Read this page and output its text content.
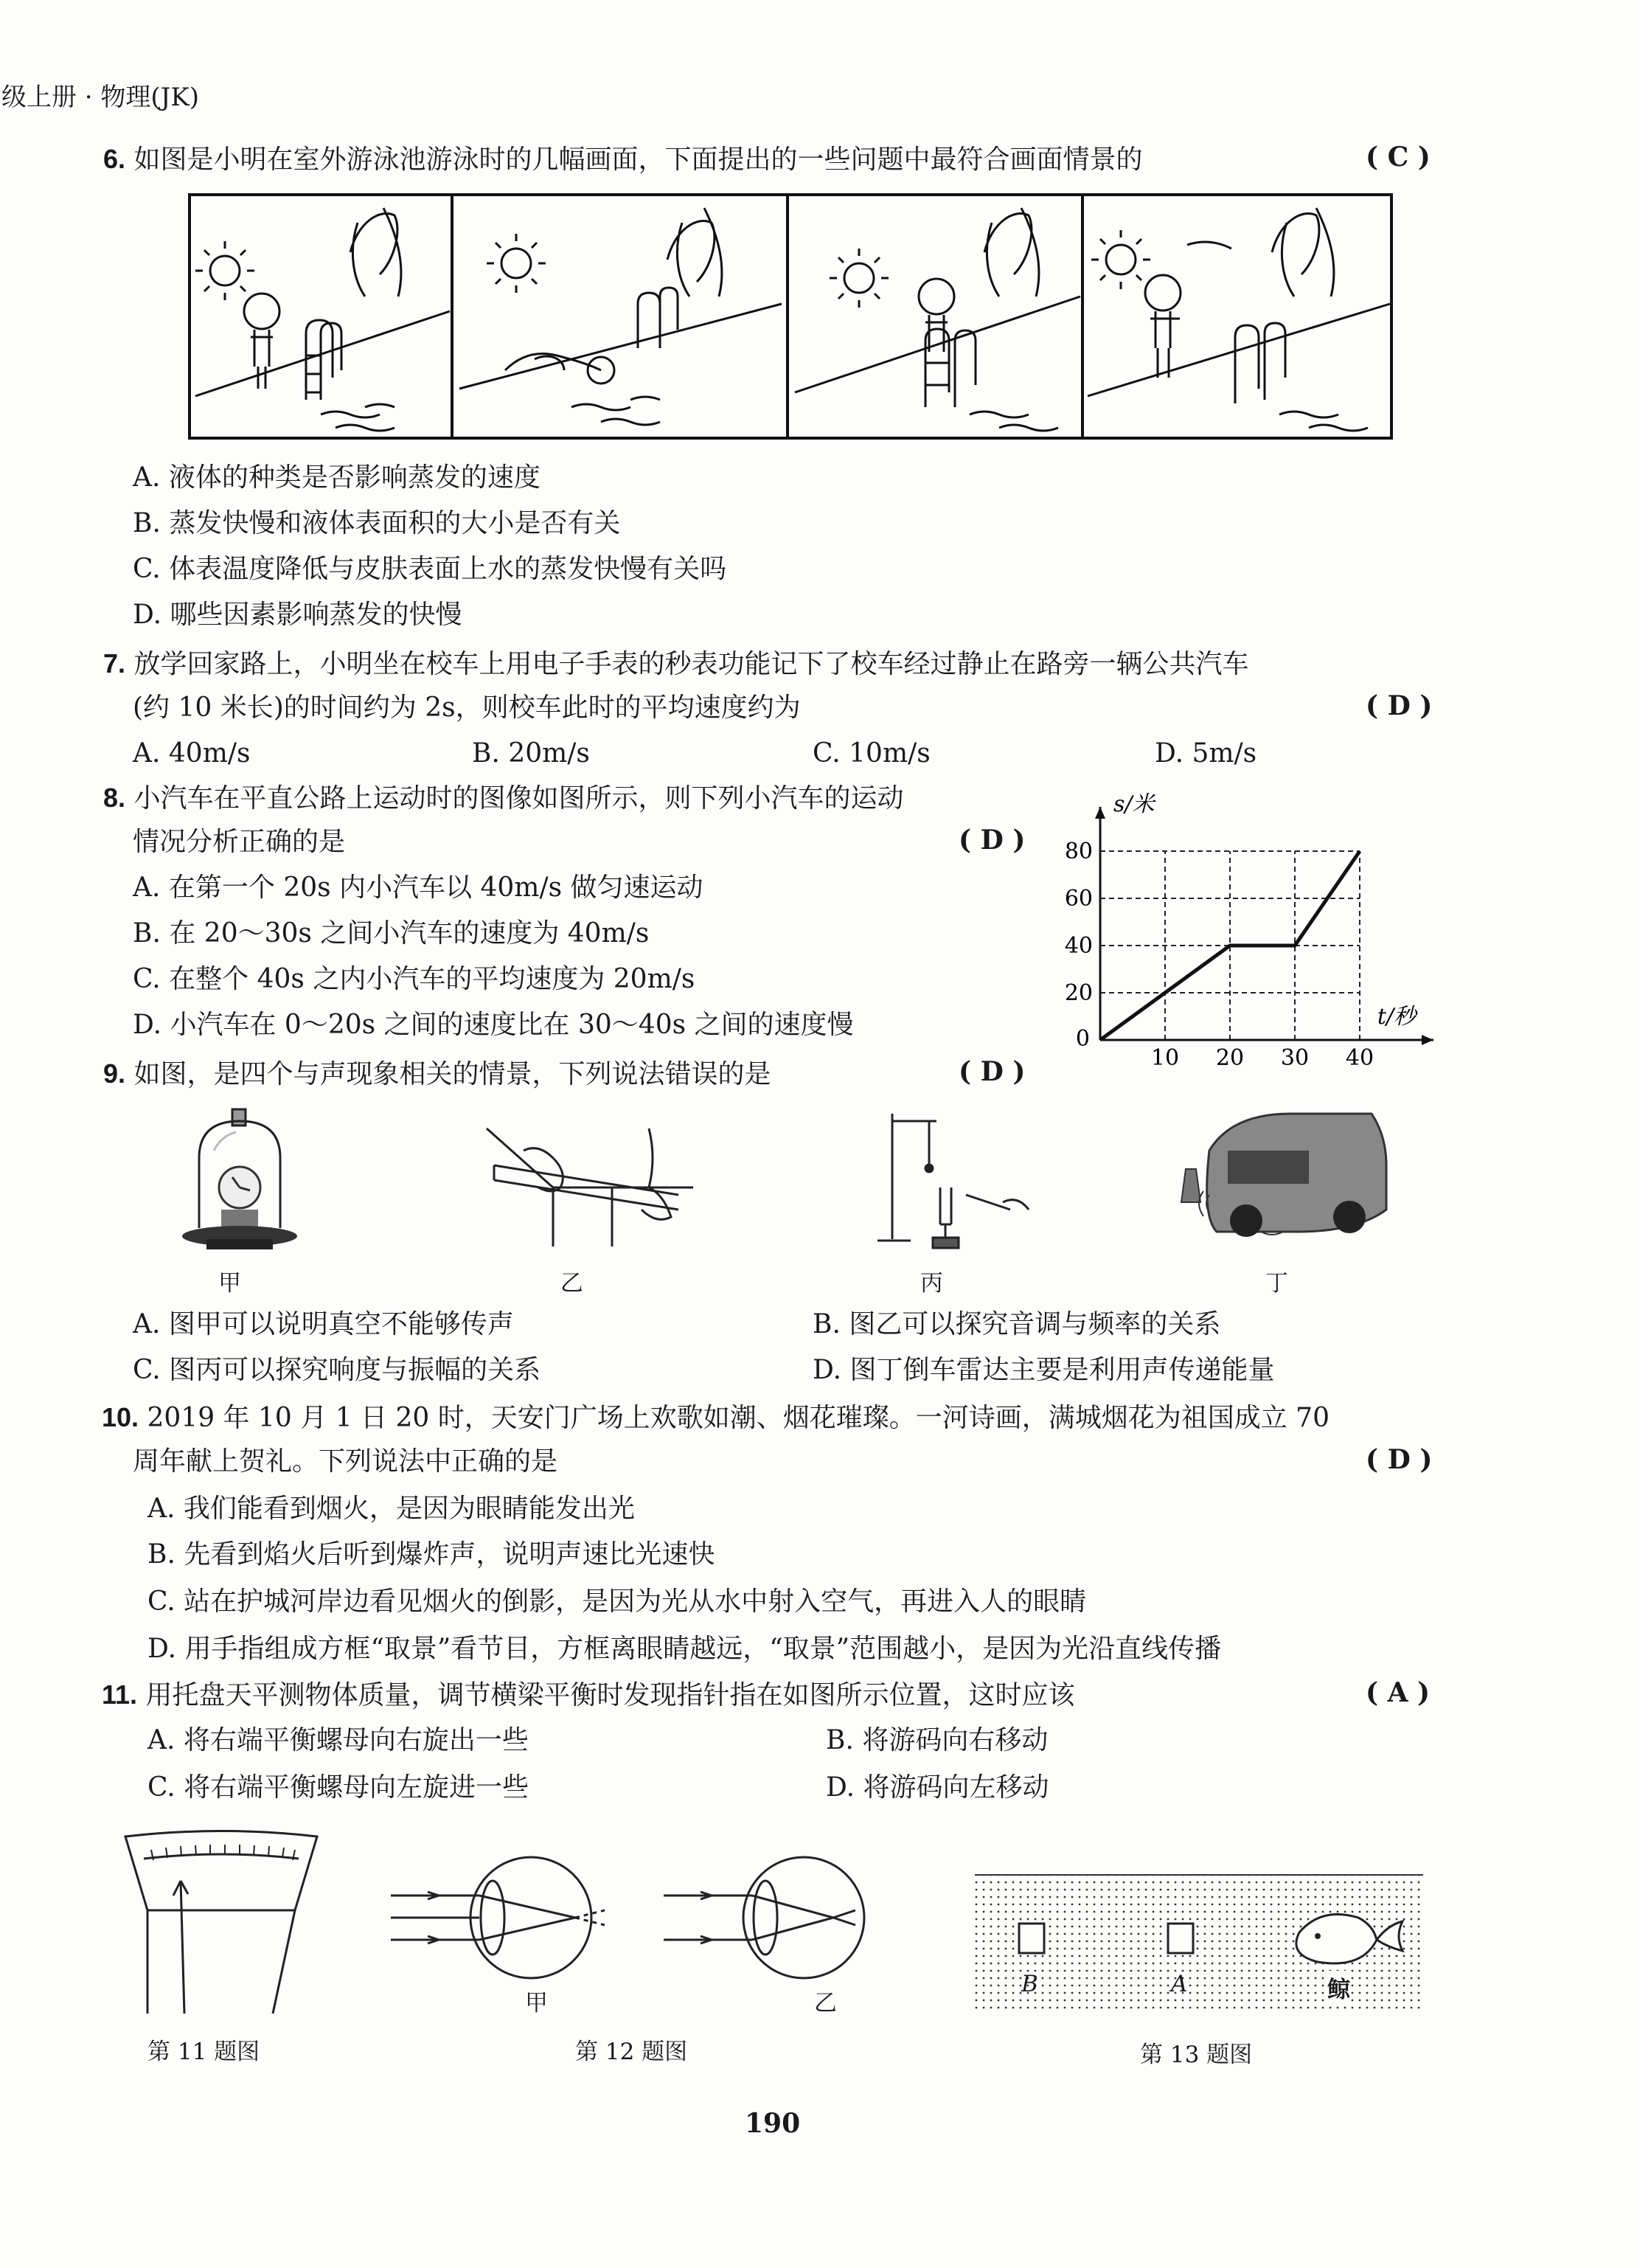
级上册 · 物理(JK)
6. 如图是小明在室外游泳池游泳时的几幅画面，下面提出的一些问题中最符合画面情景的	( C )
A. 液体的种类是否影响蒸发的速度
B. 蒸发快慢和液体表面积的大小是否有关
C. 体表温度降低与皮肤表面上水的蒸发快慢有关吗
D. 哪些因素影响蒸发的快慢
7. 放学回家路上，小明坐在校车上用电子手表的秒表功能记下了校车经过静止在路旁一辆公共汽车
(约 10 米长)的时间约为 2s，则校车此时的平均速度约为	( D )
A. 40m/s	B. 20m/s	C. 10m/s	D. 5m/s
8. 小汽车在平直公路上运动时的图像如图所示，则下列小汽车的运动
情况分析正确的是	( D )
A. 在第一个 20s 内小汽车以 40m/s 做匀速运动
B. 在 20～30s 之间小汽车的速度为 40m/s
C. 在整个 40s 之内小汽车的平均速度为 20m/s
D. 小汽车在 0～20s 之间的速度比在 30～40s 之间的速度慢
10 20 30 40
20
40
60
80
0
t/秒
s/米
9. 如图，是四个与声现象相关的情景，下列说法错误的是	( D )
甲	乙	丙	丁
A. 图甲可以说明真空不能够传声	B. 图乙可以探究音调与频率的关系
C. 图丙可以探究响度与振幅的关系	D. 图丁倒车雷达主要是利用声传递能量
10. 2019 年 10 月 1 日 20 时，天安门广场上欢歌如潮、烟花璀璨。一河诗画，满城烟花为祖国成立 70
周年献上贺礼。下列说法中正确的是	( D )
A. 我们能看到烟火，是因为眼睛能发出光
B. 先看到焰火后听到爆炸声，说明声速比光速快
C. 站在护城河岸边看见烟火的倒影，是因为光从水中射入空气，再进入人的眼睛
D. 用手指组成方框“取景”看节目，方框离眼睛越远，“取景”范围越小，是因为光沿直线传播
11. 用托盘天平测物体质量，调节横梁平衡时发现指针指在如图所示位置，这时应该	( A )
A. 将右端平衡螺母向右旋出一些	B. 将游码向右移动
C. 将右端平衡螺母向左旋进一些	D. 将游码向左移动
甲	乙
B	A	鲸
第 11 题图	第 12 题图	第 13 题图
190
